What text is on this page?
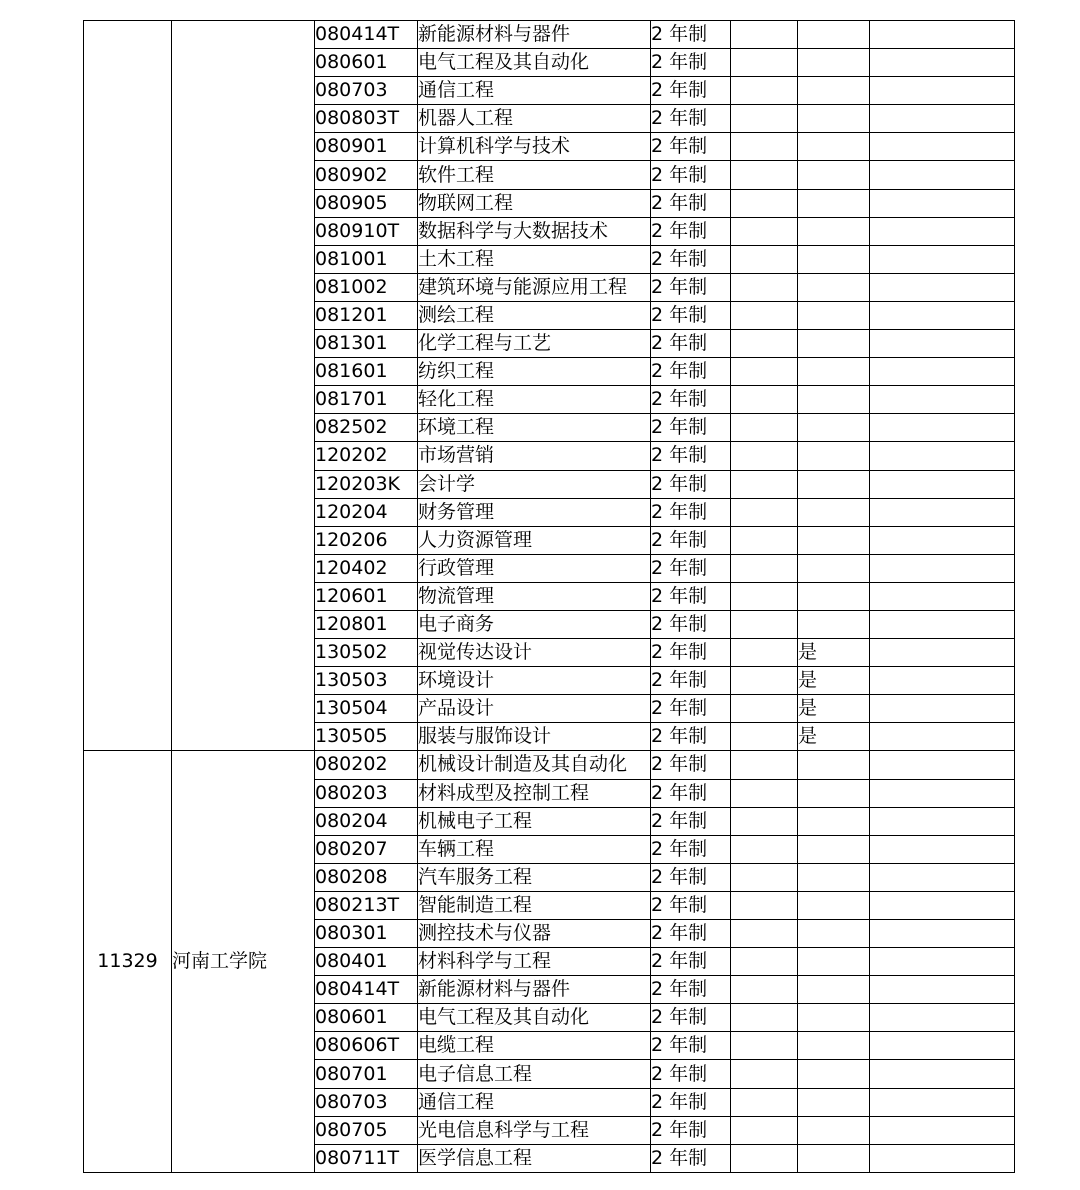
		080414T	新能源材料与器件	2 年制			
		080601	电气工程及其自动化	2 年制			
		080703	通信工程	2 年制			
		080803T	机器人工程	2 年制			
		080901	计算机科学与技术	2 年制			
		080902	软件工程	2 年制			
		080905	物联网工程	2 年制			
		080910T	数据科学与大数据技术	2 年制			
		081001	土木工程	2 年制			
		081002	建筑环境与能源应用工程	2 年制			
		081201	测绘工程	2 年制			
		081301	化学工程与工艺	2 年制			
		081601	纺织工程	2 年制			
		081701	轻化工程	2 年制			
		082502	环境工程	2 年制			
		120202	市场营销	2 年制			
		120203K	会计学	2 年制			
		120204	财务管理	2 年制			
		120206	人力资源管理	2 年制			
		120402	行政管理	2 年制			
		120601	物流管理	2 年制			
		120801	电子商务	2 年制			
		130502	视觉传达设计	2 年制		是	
		130503	环境设计	2 年制		是	
		130504	产品设计	2 年制		是	
		130505	服装与服饰设计	2 年制		是	
11329	河南工学院	080202	机械设计制造及其自动化	2 年制			
		080203	材料成型及控制工程	2 年制			
		080204	机械电子工程	2 年制			
		080207	车辆工程	2 年制			
		080208	汽车服务工程	2 年制			
		080213T	智能制造工程	2 年制			
		080301	测控技术与仪器	2 年制			
		080401	材料科学与工程	2 年制			
		080414T	新能源材料与器件	2 年制			
		080601	电气工程及其自动化	2 年制			
		080606T	电缆工程	2 年制			
		080701	电子信息工程	2 年制			
		080703	通信工程	2 年制			
		080705	光电信息科学与工程	2 年制			
		080711T	医学信息工程	2 年制			
